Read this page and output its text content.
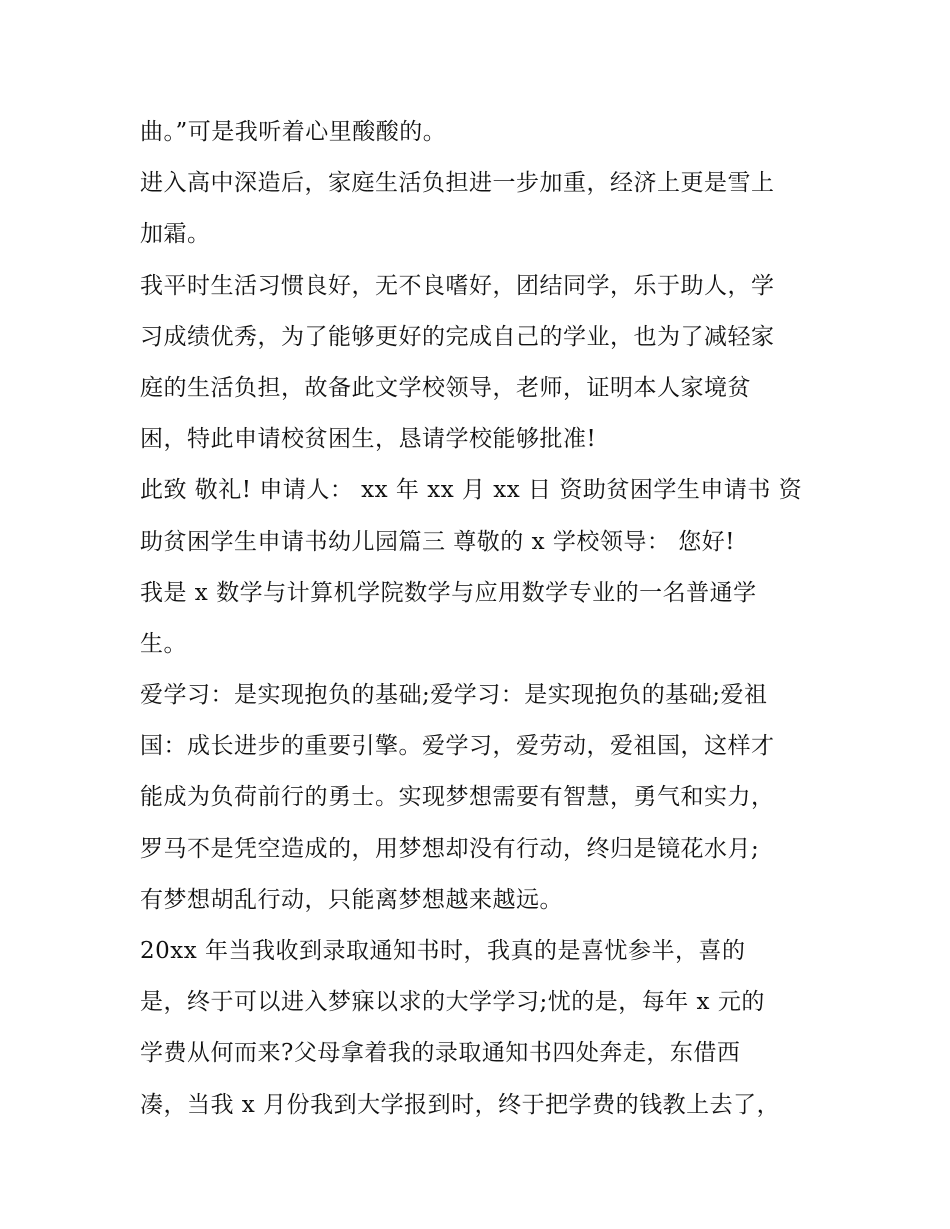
曲。”可是我听着心里酸酸的。
进入高中深造后，家庭生活负担进一步加重，经济上更是雪上
加霜。
我平时生活习惯良好，无不良嗜好，团结同学，乐于助人，学
习成绩优秀，为了能够更好的完成自己的学业，也为了减轻家
庭的生活负担，故备此文学校领导，老师，证明本人家境贫
困，特此申请校贫困生，恳请学校能够批准!
此致 敬礼! 申请人： xx 年 xx 月 xx 日 资助贫困学生申请书 资
助贫困学生申请书幼儿园篇三 尊敬的 x 学校领导： 您好!
我是 x 数学与计算机学院数学与应用数学专业的一名普通学
生。
爱学习：是实现抱负的基础;爱学习：是实现抱负的基础;爱祖
国：成长进步的重要引擎。爱学习，爱劳动，爱祖国，这样才
能成为负荷前行的勇士。实现梦想需要有智慧，勇气和实力，
罗马不是凭空造成的，用梦想却没有行动，终归是镜花水月;
有梦想胡乱行动，只能离梦想越来越远。
20xx 年当我收到录取通知书时，我真的是喜忧参半，喜的
是，终于可以进入梦寐以求的大学学习;忧的是，每年 x 元的
学费从何而来?父母拿着我的录取通知书四处奔走，东借西
凑，当我 x 月份我到大学报到时，终于把学费的钱教上去了，
